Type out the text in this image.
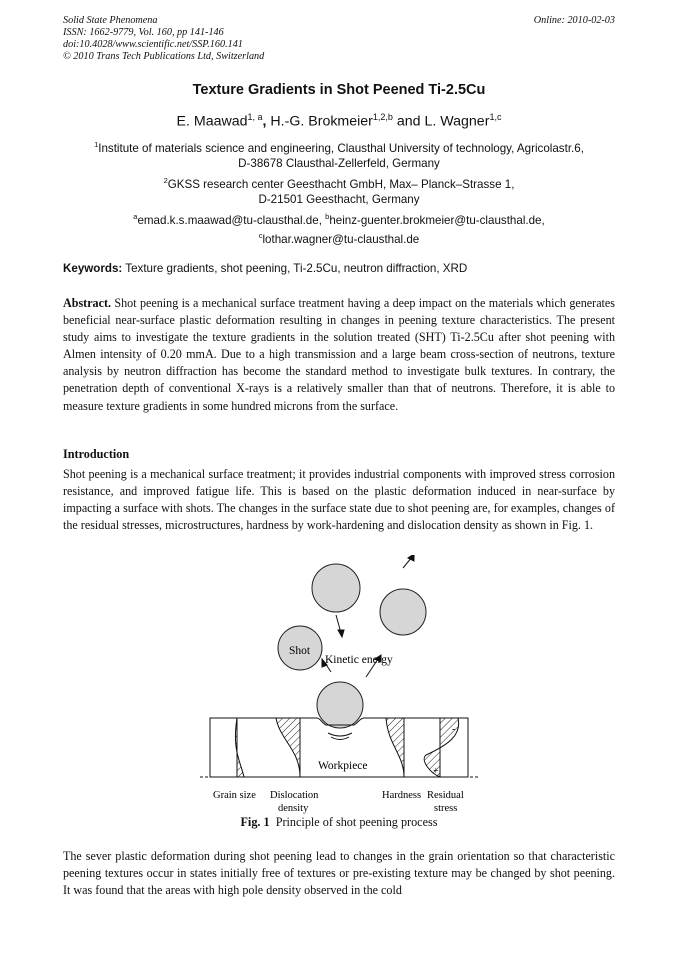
Solid State Phenomena
ISSN: 1662-9779, Vol. 160, pp 141-146
doi:10.4028/www.scientific.net/SSP.160.141
© 2010 Trans Tech Publications Ltd, Switzerland
Online: 2010-02-03
Texture Gradients in Shot Peened Ti-2.5Cu
E. Maawad$^{1, a}$, H.-G. Brokmeier$^{1,2,b}$ and L. Wagner$^{1,c}$
$^1$Institute of materials science and engineering, Clausthal University of technology, Agricolastr.6,
D-38678 Clausthal-Zellerfeld, Germany
$^2$GKSS research center Geesthacht GmbH, Max– Planck–Strasse 1,
D-21501 Geesthacht, Germany
$^a$emad.k.s.maawad@tu-clausthal.de, $^b$heinz-guenter.brokmeier@tu-clausthal.de,
$^c$lothar.wagner@tu-clausthal.de
Keywords: Texture gradients, shot peening, Ti-2.5Cu, neutron diffraction, XRD
Abstract. Shot peening is a mechanical surface treatment having a deep impact on the materials which generates beneficial near-surface plastic deformation resulting in changes in peening texture characteristics. The present study aims to investigate the texture gradients in the solution treated (SHT) Ti-2.5Cu after shot peening with Almen intensity of 0.20 mmA. Due to a high transmission and a large beam cross-section of neutrons, texture analysis by neutron diffraction has become the standard method to investigate bulk textures. In contrary, the penetration depth of conventional X-rays is a relatively smaller than that of neutrons. Therefore, it is able to measure texture gradients in some hundred microns from the surface.
Introduction
Shot peening is a mechanical surface treatment; it provides industrial components with improved stress corrosion resistance, and improved fatigue life. This is based on the plastic deformation induced in near-surface by impacting a surface with shots. The changes in the surface state due to shot peening are, for examples, changes of the residual stresses, microstructures, hardness by work-hardening and dislocation density as shown in Fig. 1.
Shot
Kinetic energy
-
+
Workpiece
Grain size Dislocation
density
Hardness Residual
stress
Fig. 1  Principle of shot peening process
The sever plastic deformation during shot peening lead to changes in the grain orientation so that characteristic peening textures occur in states initially free of textures or pre-existing texture may be changed by shot peening. It was found that the areas with high pole density observed in the cold
